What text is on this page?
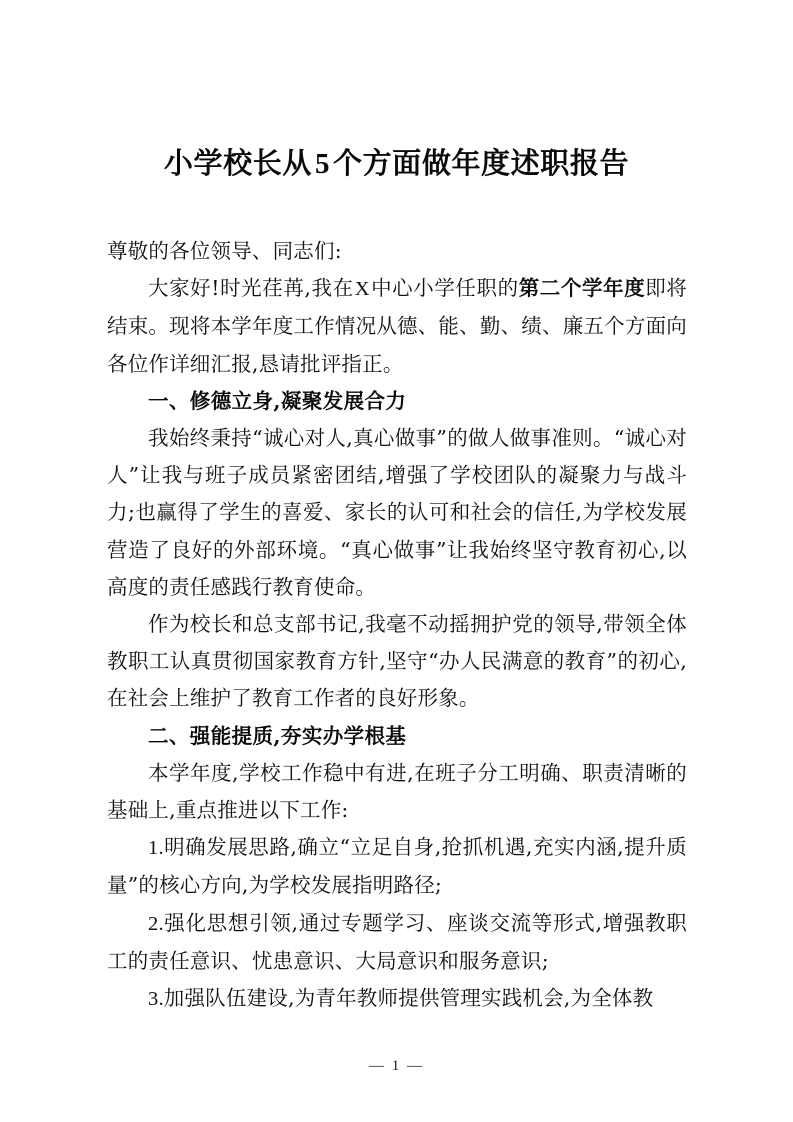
小学校长从 5 个方面做年度述职报告

尊敬的各位领导、同志们:

大家好!时光荏苒,我在X中心小学任职的第二个学年度即将结束。现将本学年度工作情况从德、能、勤、绩、廉五个方面向各位作详细汇报,恳请批评指正。

一、修德立身,凝聚发展合力

我始终秉持“诚心对人,真心做事”的做人做事准则。“诚心对人”让我与班子成员紧密团结,增强了学校团队的凝聚力与战斗力;也赢得了学生的喜爱、家长的认可和社会的信任,为学校发展营造了良好的外部环境。“真心做事”让我始终坚守教育初心,以高度的责任感践行教育使命。

作为校长和总支部书记,我毫不动摇拥护党的领导,带领全体教职工认真贯彻国家教育方针,坚守“办人民满意的教育”的初心,在社会上维护了教育工作者的良好形象。

二、强能提质,夯实办学根基

本学年度,学校工作稳中有进,在班子分工明确、职责清晰的基础上,重点推进以下工作:

1.明确发展思路,确立“立足自身,抢抓机遇,充实内涵,提升质量”的核心方向,为学校发展指明路径;

2.强化思想引领,通过专题学习、座谈交流等形式,增强教职工的责任意识、忧患意识、大局意识和服务意识;

3.加强队伍建设,为青年教师提供管理实践机会,为全体教

— 1 —
